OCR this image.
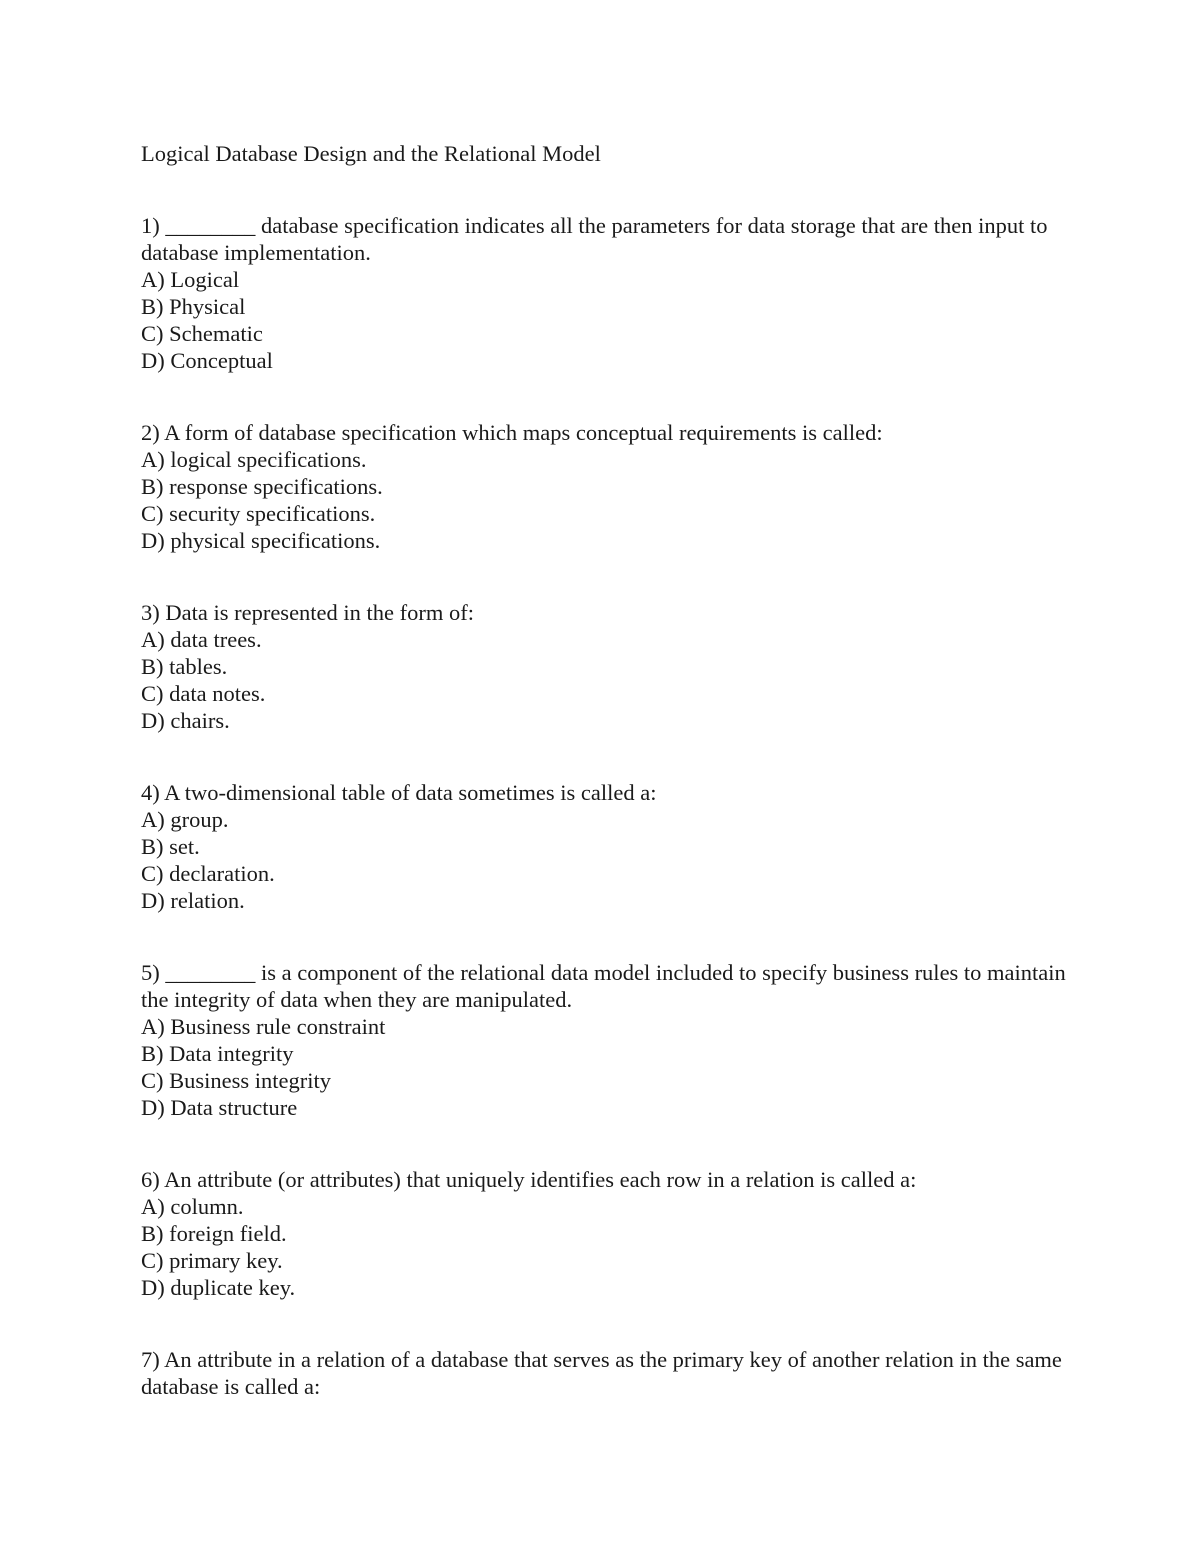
Logical Database Design and the Relational Model

1) ________ database specification indicates all the parameters for data storage that are then input to database implementation.

A) Logical
B) Physical
C) Schematic
D) Conceptual

2) A form of database specification which maps conceptual requirements is called:

A) logical specifications.
B) response specifications.
C) security specifications.
D) physical specifications.

3) Data is represented in the form of:

A) data trees.
B) tables.
C) data notes.
D) chairs.

4) A two-dimensional table of data sometimes is called a:

A) group.
B) set.
C) declaration.
D) relation.

5) ________ is a component of the relational data model included to specify business rules to maintain the integrity of data when they are manipulated.

A) Business rule constraint
B) Data integrity
C) Business integrity
D) Data structure

6) An attribute (or attributes) that uniquely identifies each row in a relation is called a:

A) column.
B) foreign field.
C) primary key.
D) duplicate key.

7) An attribute in a relation of a database that serves as the primary key of another relation in the same database is called a:
